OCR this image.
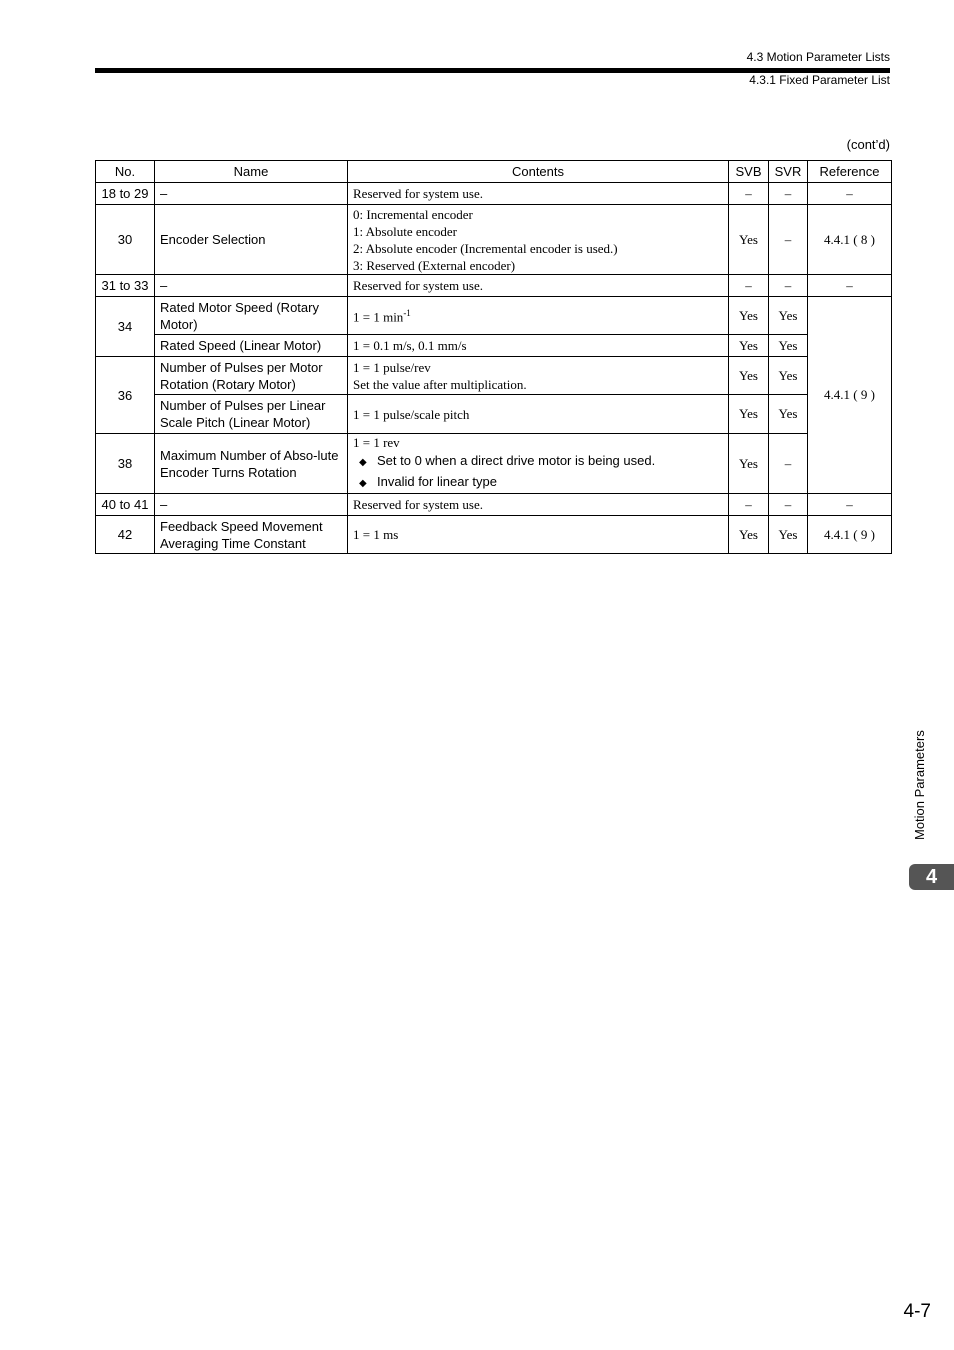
4.3 Motion Parameter Lists
4.3.1 Fixed Parameter List
(cont’d)
No.	Name	Contents	SVB	SVR	Reference
18 to 29	–	Reserved for system use.	–	–	–
30	Encoder Selection	0: Incremental encoder
1: Absolute encoder
2: Absolute encoder (Incremental encoder is used.)
3: Reserved (External encoder)	Yes	–	4.4.1 ( 8 )
31 to 33	–	Reserved for system use.	–	–	–
34	Rated Motor Speed (Rotary Motor)	1 = 1 $\min^{-1}$	Yes	Yes	4.4.1 ( 9 )
	Rated Speed (Linear Motor)	1 = 0.1 m/s, 0.1 mm/s	Yes	Yes	
36	Number of Pulses per Motor Rotation (Rotary Motor)	1 = 1 pulse/rev
Set the value after multiplication.	Yes	Yes	
	Number of Pulses per Linear Scale Pitch (Linear Motor)	1 = 1 pulse/scale pitch	Yes	Yes	
38	Maximum Number of Abso-lute Encoder Turns Rotation	1 = 1 rev
◆ Set to 0 when a direct drive motor is being used.
◆ Invalid for linear type	Yes	–	
40 to 41	–	Reserved for system use.	–	–	–
42	Feedback Speed Movement Averaging Time Constant	1 = 1 ms	Yes	Yes	4.4.1 ( 9 )
Motion Parameters
4
4-7
